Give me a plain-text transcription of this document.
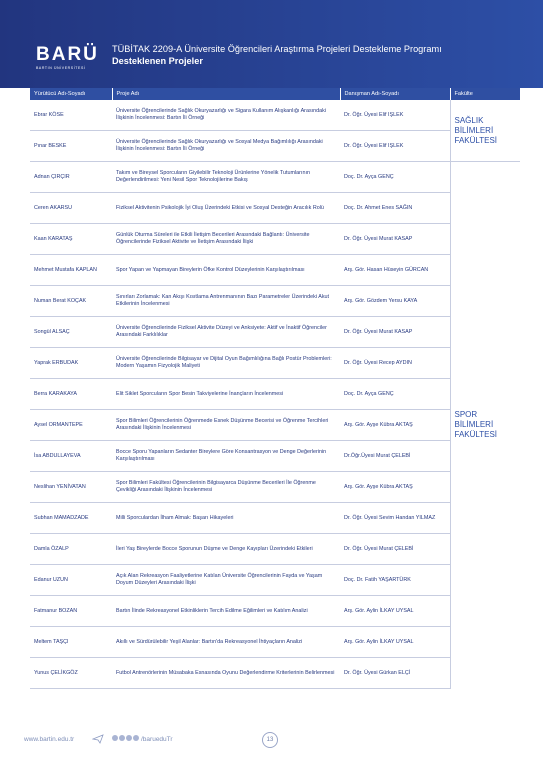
BARÜ
BARTIN ÜNİVERSİTESİ
TÜBİTAK 2209-A Üniversite Öğrencileri Araştırma Projeleri Destekleme Programı
Desteklenen Projeler
Yürütücü Adı-Soyadı	Proje Adı	Danışman Adı-Soyadı	Fakülte
Ebrar KÖSE	Üniversite Öğrencilerinde Sağlık Okuryazarlığı ve Sigara Kullanım Alışkanlığı Arasındaki İlişkinin İncelenmesi: Bartın İli Örneği	Dr. Öğr. Üyesi Elif IŞLEK	SAĞLIK BİLİMLERİ FAKÜLTESİ
Pınar BESKE	Üniversite Öğrencilerinde Sağlık Okuryazarlığı ve Sosyal Medya Bağımlılığı Arasındaki İlişkinin İncelenmesi: Bartın İli Örneği	Dr. Öğr. Üyesi Elif IŞLEK	
Adnan ÇIRÇIR	Takım ve Bireysel Sporcuların Giyilebilir Teknoloji Ürünlerine Yönelik Tutumlarının Değerlendirilmesi: Yeni Nesil Spor Teknolojilerine Bakış	Doç. Dr. Ayça GENÇ	SPOR BİLİMLERİ FAKÜLTESİ
Ceren AKARSU	Fiziksel Aktivitenin Psikolojik İyi Oluş Üzerindeki Etkisi ve Sosyal Desteğin Aracılık Rolü	Doç. Dr. Ahmet Enes SAĞIN	
Kaan KARATAŞ	Günlük Oturma Süreleri ile Etkili İletişim Becerileri Arasındaki Bağlantı: Üniversite Öğrencilerinde Fiziksel Aktivite ve İletişim Arasındaki İlişki	Dr. Öğr. Üyesi Murat KASAP	
Mehmet Mustafa KAPLAN	Spor Yapan ve Yapmayan Bireylerin Öfke Kontrol Düzeylerinin Karşılaştırılması	Arş. Gör. Hasan Hüseyin GÜRCAN	
Numan Berat KOÇAK	Sınırları Zorlamak: Kan Akışı Kısıtlama Antrenmanının Bazı Parametreler Üzerindeki Akut Etkilerinin İncelenmesi	Arş. Gör. Gözdem Yersu KAYA	
Songül ALSAÇ	Üniversite Öğrencilerinde Fiziksel Aktivite Düzeyi ve Anksiyete: Aktif ve İnaktif Öğrenciler Arasındaki Farklılıklar	Dr. Öğr. Üyesi Murat KASAP	
Yaprak ERBUDAK	Üniversite Öğrencilerinde Bilgisayar ve Dijital Oyun Bağımlılığına Bağlı Postür Problemleri: Modern Yaşamın Fizyolojik Maliyeti	Dr. Öğr. Üyesi Recep AYDIN	
Berra KARAKAYA	Elit Siklet Sporcuların Spor Besin Takviyelerine İnançların İncelenmesi	Doç. Dr. Ayça GENÇ	
Aysel ORMANTEPE	Spor Bilimleri Öğrencilerinin Öğrenmede Esnek Düşünme Becerisi ve Öğrenme Tercihleri Arasındaki İlişkinin İncelenmesi	Arş. Gör. Ayşe Kübra AKTAŞ	
İsa ABDULLAYEVA	Bocce Sporu Yapanların Sedanter Bireylere Göre Konsantrasyon ve Denge Değerlerinin Karşılaştırılması	Dr.Öğr.Üyesi Murat ÇELEBİ	
Neslihan YENİVATAN	Spor Bilimleri Fakültesi Öğrencilerinin Bilgisayarca Düşünme Becerileri İle Öğrenme Çevikliği Arasındaki İlişkinin İncelenmesi	Arş. Gör. Ayşe Kübra AKTAŞ	
Subhan MAMADZADE	Milli Sporculardan İlham Almak: Başarı Hikayeleri	Dr. Öğr. Üyesi Sevim Handan YILMAZ	
Damla ÖZALP	İleri Yaş Bireylerde Bocce Sporunun Düşme ve Denge Kayıpları Üzerindeki Etkileri	Dr. Öğr. Üyesi Murat ÇELEBİ	
Edanur UZUN	Açık Alan Rekreasyon Faaliyetlerine Katılan Üniversite Öğrencilerinin Fayda ve Yaşam Doyum Düzeyleri Arasındaki İlişki	Doç. Dr. Fatih YAŞARTÜRK	
Fatmanur BOZAN	Bartın İlinde Rekreasyonel Etkinliklerin Tercih Edilme Eğilimleri ve Katılım Analizi	Arş. Gör. Aylin İLKAY UYSAL	
Meltem TAŞÇI	Akıllı ve Sürdürülebilir Yeşil Alanlar: Bartın'da Rekreasyonel İhtiyaçların Analizi	Arş. Gör. Aylin İLKAY UYSAL	
Yunus ÇELİKGÖZ	Futbol Antrenörlerinin Müsabaka Esnasında Oyunu Değerlendirme Kriterlerinin Belirlenmesi	Dr. Öğr. Üyesi Gürkan ELÇİ	
www.bartin.edu.tr	/barueduTr	13
